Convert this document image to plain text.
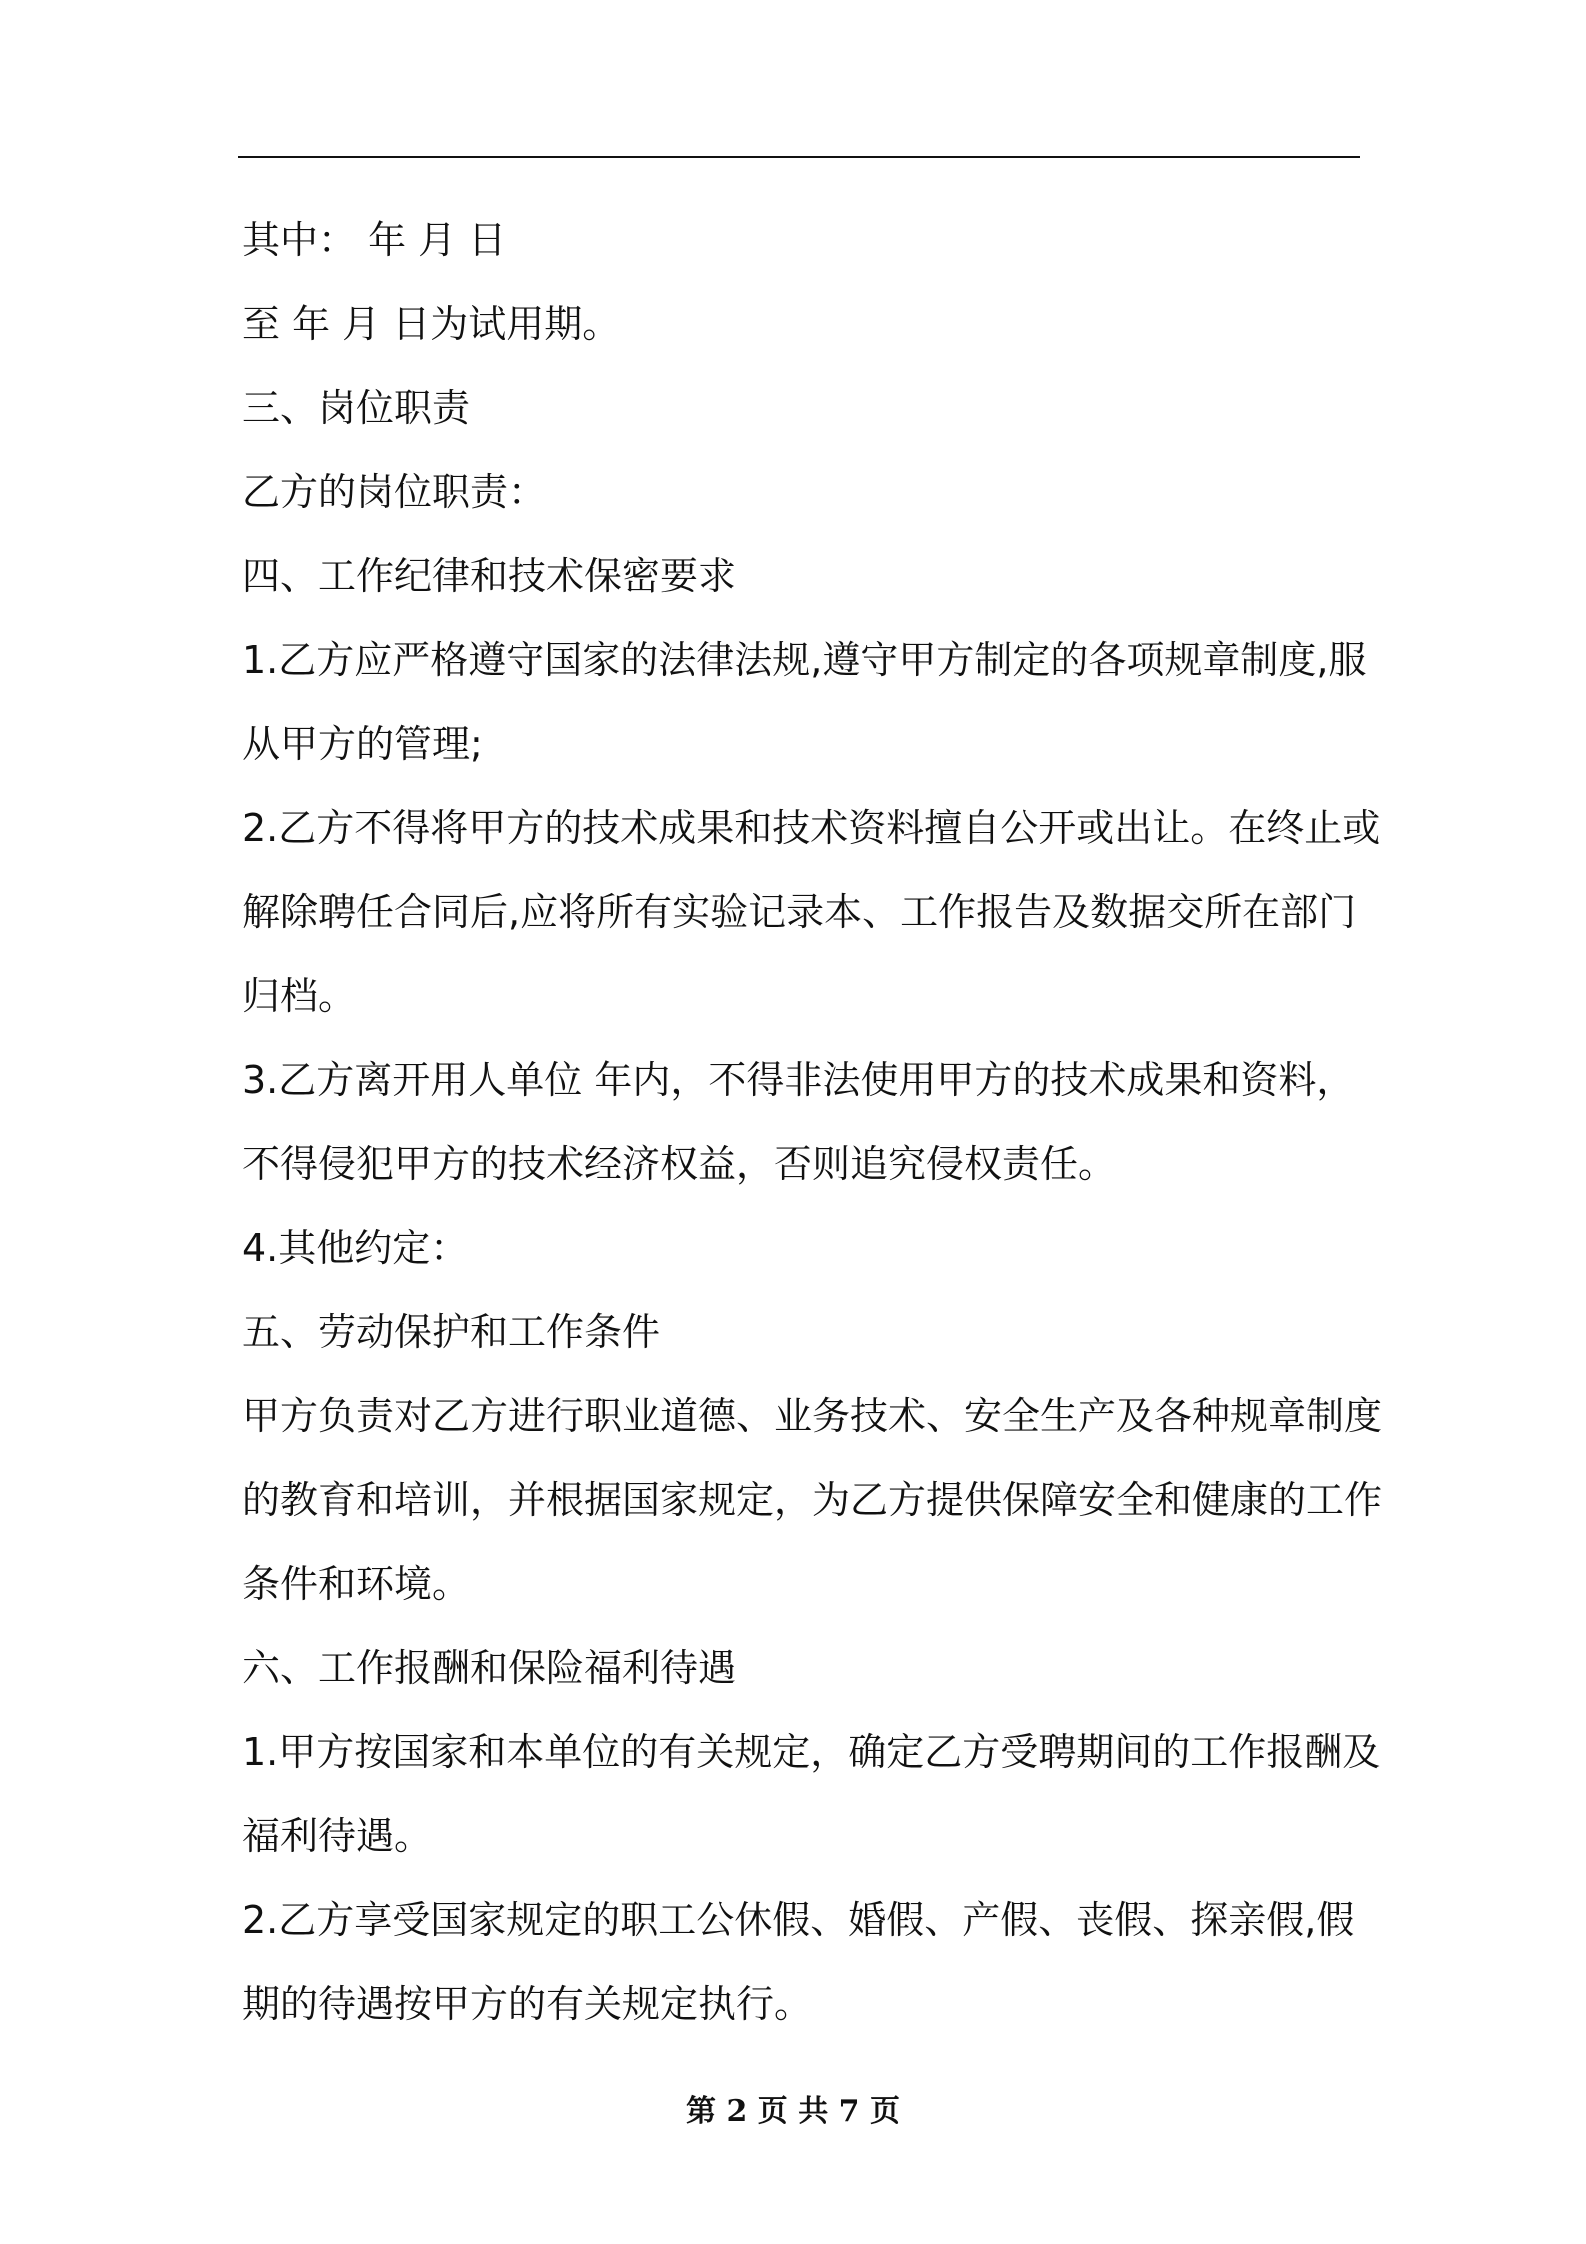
其中： 年 月 日
至 年 月 日为试用期。
三、岗位职责
乙方的岗位职责：
四、工作纪律和技术保密要求
1.乙方应严格遵守国家的法律法规,遵守甲方制定的各项规章制度,服
从甲方的管理;
2.乙方不得将甲方的技术成果和技术资料擅自公开或出让。在终止或
解除聘任合同后,应将所有实验记录本、工作报告及数据交所在部门
归档。
3.乙方离开用人单位 年内，不得非法使用甲方的技术成果和资料，
不得侵犯甲方的技术经济权益，否则追究侵权责任。
4.其他约定：
五、劳动保护和工作条件
甲方负责对乙方进行职业道德、业务技术、安全生产及各种规章制度
的教育和培训，并根据国家规定，为乙方提供保障安全和健康的工作
条件和环境。
六、工作报酬和保险福利待遇
1.甲方按国家和本单位的有关规定，确定乙方受聘期间的工作报酬及
福利待遇。
2.乙方享受国家规定的职工公休假、婚假、产假、丧假、探亲假,假
期的待遇按甲方的有关规定执行。
第 2 页 共 7 页
